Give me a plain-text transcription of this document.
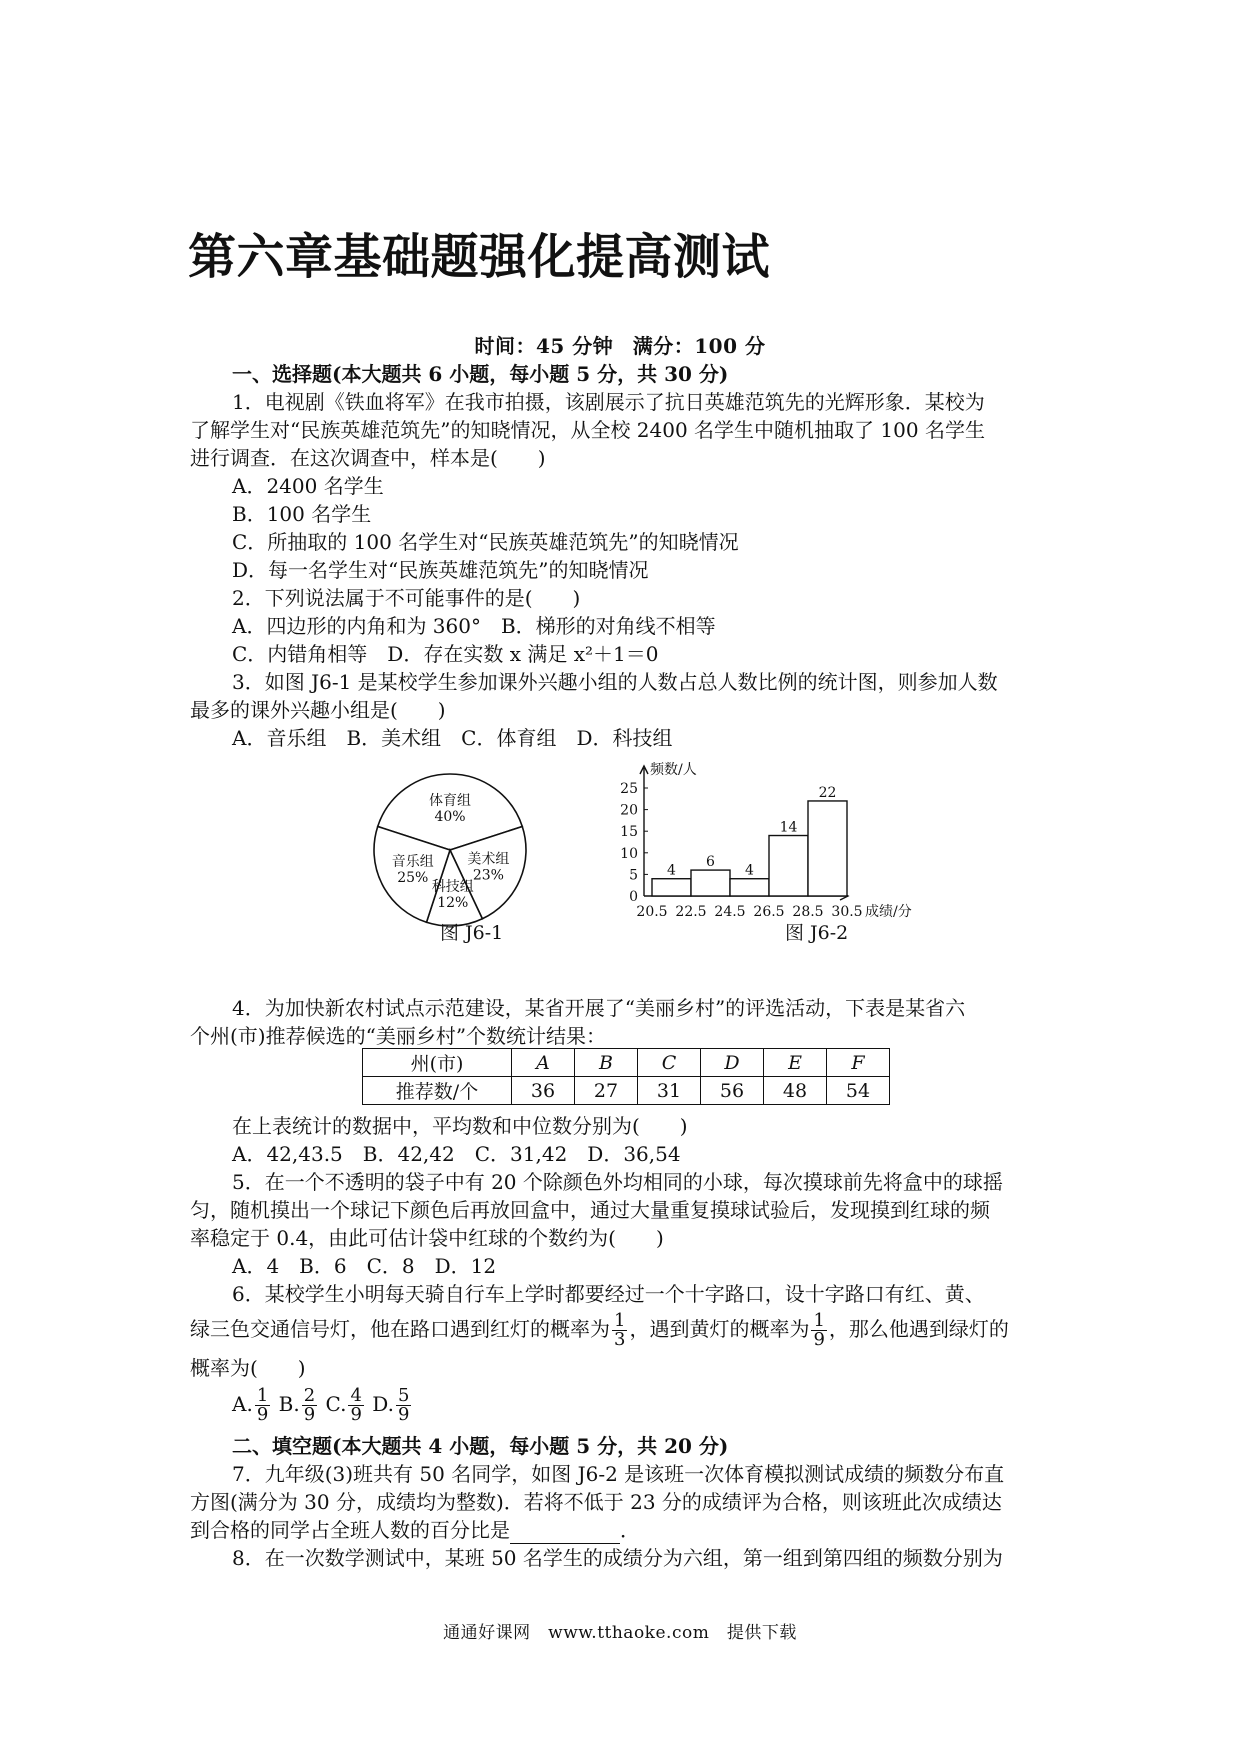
第六章基础题强化提高测试
时间：45 分钟 满分：100 分
一、选择题(本大题共 6 小题，每小题 5 分，共 30 分)
1．电视剧《铁血将军》在我市拍摄，该剧展示了抗日英雄范筑先的光辉形象．某校为
了解学生对“民族英雄范筑先”的知晓情况，从全校 2400 名学生中随机抽取了 100 名学生
进行调查．在这次调查中，样本是(　　)
A．2400 名学生
B．100 名学生
C．所抽取的 100 名学生对“民族英雄范筑先”的知晓情况
D．每一名学生对“民族英雄范筑先”的知晓情况
2．下列说法属于不可能事件的是(　　)
A．四边形的内角和为 360°　B．梯形的对角线不相等
C．内错角相等　D．存在实数 x 满足 x²＋1＝0
3．如图 J6-1 是某校学生参加课外兴趣小组的人数占总人数比例的统计图，则参加人数
最多的课外兴趣小组是(　　)
A．音乐组　B．美术组　C．体育组　D．科技组
体育组
40%
美术组
23%
科技组
12%
音乐组
25%
图 J6-1
频数/人
0
5
10
15
20
25
4
6
4
14
22
20.5 22.5 24.5 26.5 28.5 30.5 成绩/分
图 J6-2
4．为加快新农村试点示范建设，某省开展了“美丽乡村”的评选活动，下表是某省六
个州(市)推荐候选的“美丽乡村”个数统计结果：
州(市)	A	B	C	D	E	F
推荐数/个	36	27	31	56	48	54
在上表统计的数据中，平均数和中位数分别为(　　)
A．42,43.5　B．42,42　C．31,42　D．36,54
5．在一个不透明的袋子中有 20 个除颜色外均相同的小球，每次摸球前先将盒中的球摇
匀，随机摸出一个球记下颜色后再放回盒中，通过大量重复摸球试验后，发现摸到红球的频
率稳定于 0.4，由此可估计袋中红球的个数约为(　　)
A．4　B．6　C．8　D．12
6．某校学生小明每天骑自行车上学时都要经过一个十字路口，设十字路口有红、黄、
绿三色交通信号灯，他在路口遇到红灯的概率为 $\frac{1}{3}$ ，遇到黄灯的概率为 $\frac{1}{9}$ ，那么他遇到绿灯的
概率为(　　)
A. $\frac{1}{9} B$. $\frac{2}{9} C$. $\frac{4}{9} D$. $\frac{5}{9}$
二、填空题(本大题共 4 小题，每小题 5 分，共 20 分)
7．九年级(3)班共有 50 名同学，如图 J6-2 是该班一次体育模拟测试成绩的频数分布直
方图(满分为 30 分，成绩均为整数)．若将不低于 23 分的成绩评为合格，则该班此次成绩达
到合格的同学占全班人数的百分比是	．
8．在一次数学测试中，某班 50 名学生的成绩分为六组，第一组到第四组的频数分别为
通通好课网　www.tthaoke.com　提供下载
